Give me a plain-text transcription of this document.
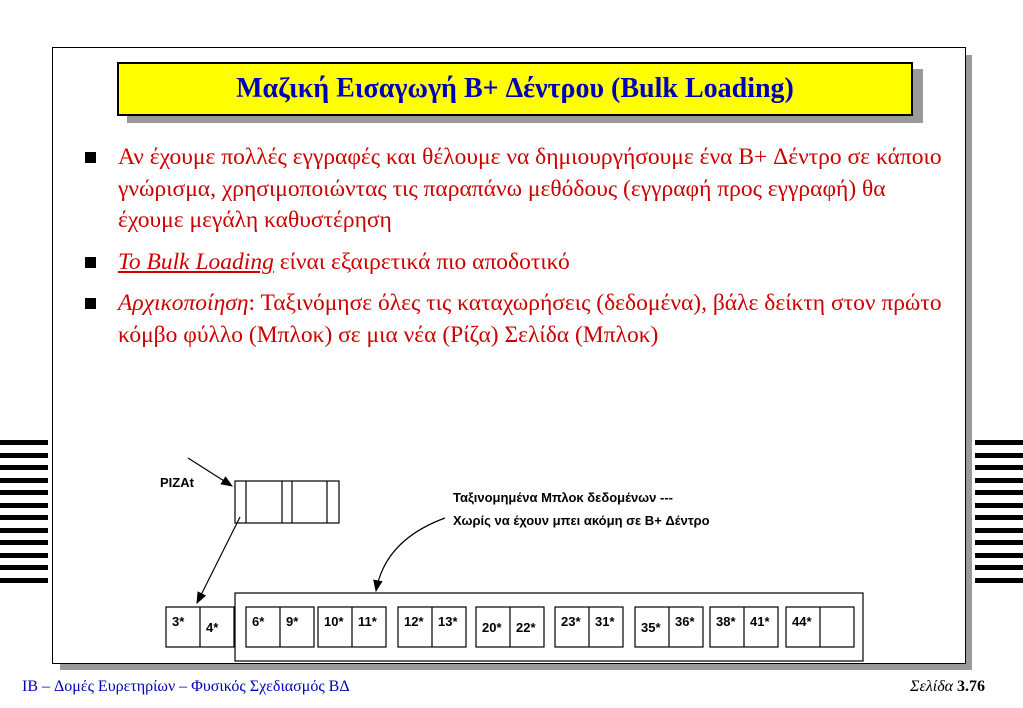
Μαζική Εισαγωγή B+ Δέντρου (Bulk Loading)
Αν έχουμε πολλές εγγραφές και θέλουμε να δημιουργήσουμε ένα B+ Δέντρο σε κάποιο γνώρισμα, χρησιμοποιώντας τις παραπάνω μεθόδους (εγγραφή προς εγγραφή) θα έχουμε μεγάλη καθυστέρηση
To Bulk Loading είναι εξαιρετικά πιο αποδοτικό
Αρχικοποίηση: Ταξινόμησε όλες τις καταχωρήσεις (δεδομένα), βάλε δείκτη στον πρώτο κόμβο φύλλο (Μπλοκ) σε μια νέα (Ρίζα) Σελίδα (Μπλοκ)
ΡΙΖΑt
Ταξινομημένα Μπλοκ δεδομένων ---
Χωρίς να έχουν μπει ακόμη σε B+ Δέντρο
3* 4*	6* 9* 10* 11* 12* 13* 20* 22* 23* 31* 35* 36* 38* 41* 44*
IB – Δομές Ευρετηρίων – Φυσικός Σχεδιασμός ΒΔ	Σελίδα 3.76
